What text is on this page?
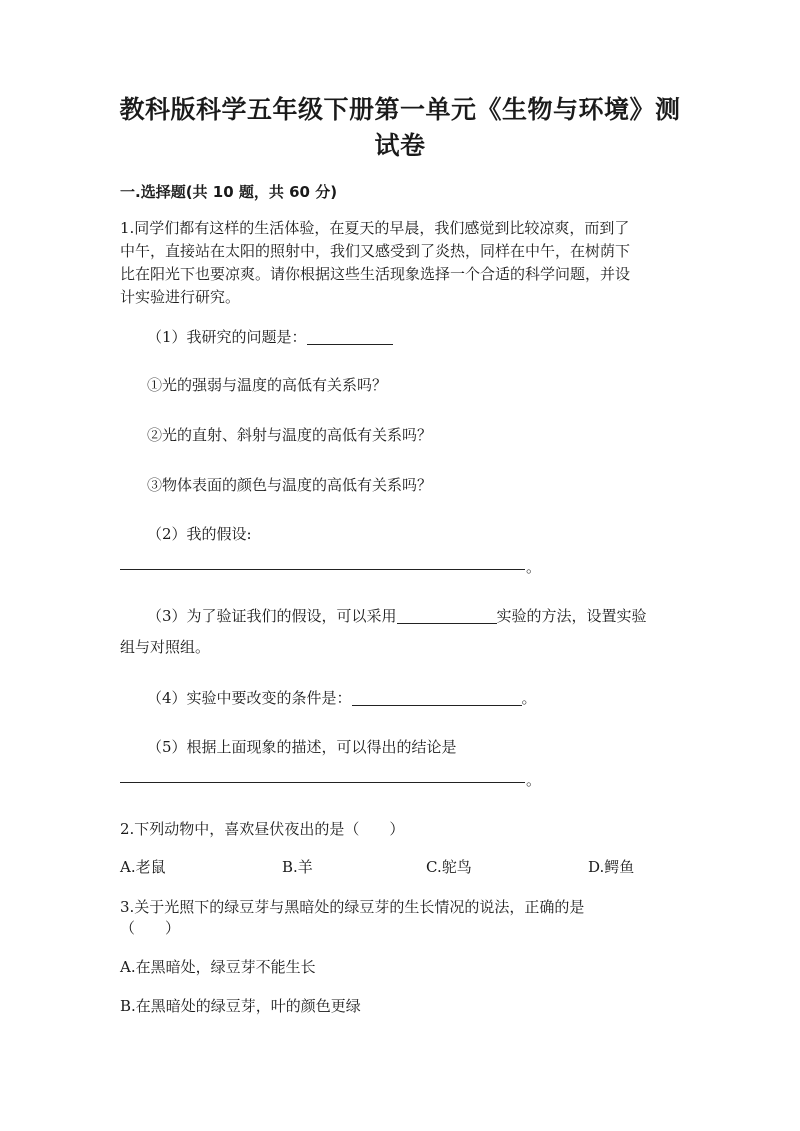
教科版科学五年级下册第一单元《生物与环境》测
试卷
一.选择题(共 10 题，共 60 分)
1.同学们都有这样的生活体验，在夏天的早晨，我们感觉到比较凉爽，而到了
中午，直接站在太阳的照射中，我们又感受到了炎热，同样在中午，在树荫下
比在阳光下也要凉爽。请你根据这些生活现象选择一个合适的科学问题，并设
计实验进行研究。
（1）我研究的问题是：
①光的强弱与温度的高低有关系吗？
②光的直射、斜射与温度的高低有关系吗？
③物体表面的颜色与温度的高低有关系吗？
（2）我的假设:
。
（3）为了验证我们的假设，可以采用	实验的方法，设置实验
组与对照组。
（4）实验中要改变的条件是：	。
（5）根据上面现象的描述，可以得出的结论是
。
2.下列动物中，喜欢昼伏夜出的是（　　）
A.老鼠	B.羊	C.鸵鸟	D.鳄鱼
3.关于光照下的绿豆芽与黑暗处的绿豆芽的生长情况的说法，正确的是
（　　）
A.在黑暗处，绿豆芽不能生长
B.在黑暗处的绿豆芽，叶的颜色更绿
